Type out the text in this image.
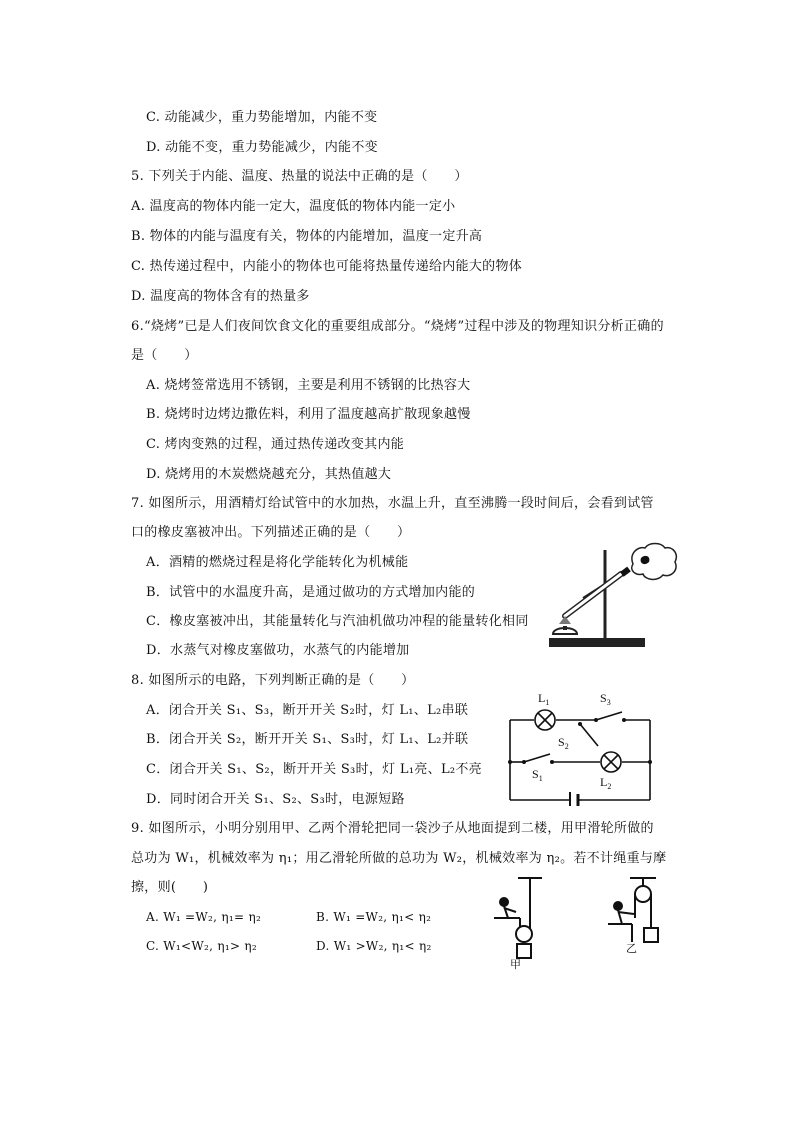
C. 动能减少，重力势能增加，内能不变
D. 动能不变，重力势能减少，内能不变
5. 下列关于内能、温度、热量的说法中正确的是（　　）
A. 温度高的物体内能一定大，温度低的物体内能一定小
B. 物体的内能与温度有关，物体的内能增加，温度一定升高
C. 热传递过程中，内能小的物体也可能将热量传递给内能大的物体
D. 温度高的物体含有的热量多
6.“烧烤”已是人们夜间饮食文化的重要组成部分。“烧烤”过程中涉及的物理知识分析正确的
是（　　）
A. 烧烤签常选用不锈钢，主要是利用不锈钢的比热容大
B. 烧烤时边烤边撒佐料，利用了温度越高扩散现象越慢
C. 烤肉变熟的过程，通过热传递改变其内能
D. 烧烤用的木炭燃烧越充分，其热值越大
7. 如图所示，用酒精灯给试管中的水加热，水温上升，直至沸腾一段时间后，会看到试管
口的橡皮塞被冲出。下列描述正确的是（　　）
A．酒精的燃烧过程是将化学能转化为机械能
B．试管中的水温度升高，是通过做功的方式增加内能的
C．橡皮塞被冲出，其能量转化与汽油机做功冲程的能量转化相同
D．水蒸气对橡皮塞做功，水蒸气的内能增加
8. 如图所示的电路，下列判断正确的是（　　）
A．闭合开关 S₁、S₃，断开开关 S₂时，灯 L₁、L₂串联
B．闭合开关 S₂，断开开关 S₁、S₃时，灯 L₁、L₂并联
C．闭合开关 S₁、S₂，断开开关 S₃时，灯 L₁亮、L₂不亮
D．同时闭合开关 S₁、S₂、S₃时，电源短路
$L_1$	$S_3$
$S_2$
$S_1$	$L_2$
9. 如图所示，小明分别用甲、乙两个滑轮把同一袋沙子从地面提到二楼，用甲滑轮所做的
总功为 W₁，机械效率为 η₁；用乙滑轮所做的总功为 W₂，机械效率为 η₂。若不计绳重与摩
擦，则(　　)
A. W₁ =W₂, η₁= η₂	B. W₁ =W₂, η₁< η₂
C. W₁<W₂, η₁> η₂	D. W₁ >W₂, η₁< η₂
甲
乙
